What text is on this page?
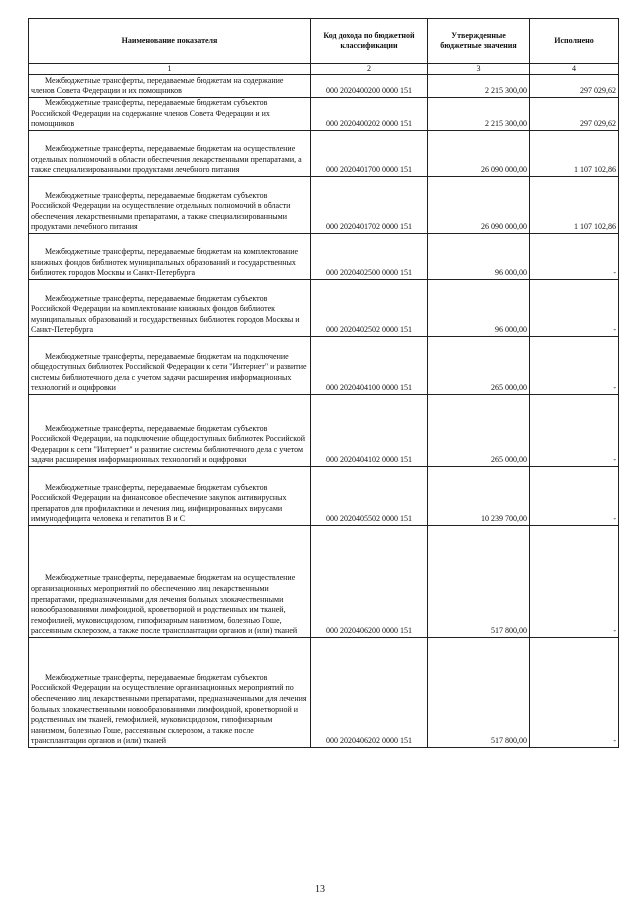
Наименование показателя	Код дохода по бюджетной классификации	Утвержденные бюджетные значения	Исполнено
1	2	3	4

Межбюджетные трансферты, передаваемые бюджетам на содержание членов Совета Федерации и их помощников	000 2020400200 0000 151	2 215 300,00	297 029,62

Межбюджетные трансферты, передаваемые бюджетам субъектов Российской Федерации на содержание членов Совета Федерации и их помощников	000 2020400202 0000 151	2 215 300,00	297 029,62

Межбюджетные трансферты, передаваемые бюджетам на осуществление отдельных полномочий в области обеспечения лекарственными препаратами, а также специализированными продуктами лечебного питания	000 2020401700 0000 151	26 090 000,00	1 107 102,86

Межбюджетные трансферты, передаваемые бюджетам субъектов Российской Федерации на осуществление отдельных полномочий в области обеспечения лекарственными препаратами, а также специализированными продуктами лечебного питания	000 2020401702 0000 151	26 090 000,00	1 107 102,86

Межбюджетные трансферты, передаваемые бюджетам на комплектование книжных фондов библиотек муниципальных образований и государственных библиотек городов Москвы и Санкт-Петербурга	000 2020402500 0000 151	96 000,00	-

Межбюджетные трансферты, передаваемые бюджетам субъектов Российской Федерации на комплектование книжных фондов библиотек муниципальных образований и государственных библиотек городов Москвы и Санкт-Петербурга	000 2020402502 0000 151	96 000,00	-

Межбюджетные трансферты, передаваемые бюджетам на подключение общедоступных библиотек Российской Федерации к сети "Интернет" и развитие системы библиотечного дела с учетом задачи расширения информационных технологий и оцифровки	000 2020404100 0000 151	265 000,00	-

Межбюджетные трансферты, передаваемые бюджетам субъектов Российской Федерации, на подключение общедоступных библиотек Российской Федерации к сети "Интернет" и развитие системы библиотечного дела с учетом задачи расширения информационных технологий и оцифровки	000 2020404102 0000 151	265 000,00	-

Межбюджетные трансферты, передаваемые бюджетам субъектов Российской Федерации на финансовое обеспечение закупок антивирусных препаратов для профилактики и лечения лиц, инфицированных вирусами иммунодефицита человека и гепатитов В и С	000 2020405502 0000 151	10 239 700,00	-

Межбюджетные трансферты, передаваемые бюджетам на осуществление организационных мероприятий по обеспечению лиц лекарственными препаратами, предназначенными для лечения больных злокачественными новообразованиями лимфоидной, кроветворной и родственных им тканей, гемофилией, муковисцидозом, гипофизарным нанизмом, болезнью Гоше, рассеянным склерозом, а также после трансплантации органов и (или) тканей	000 2020406200 0000 151	517 800,00	-

Межбюджетные трансферты, передаваемые бюджетам субъектов Российской Федерации на осуществление организационных мероприятий по обеспечению лиц лекарственными препаратами, предназначенными для лечения больных злокачественными новообразованиями лимфоидной, кроветворной и родственных им тканей, гемофилией, муковисцидозом, гипофизарным нанизмом, болезнью Гоше, рассеянным склерозом, а также после трансплантации органов и (или) тканей	000 2020406202 0000 151	517 800,00	-
13
